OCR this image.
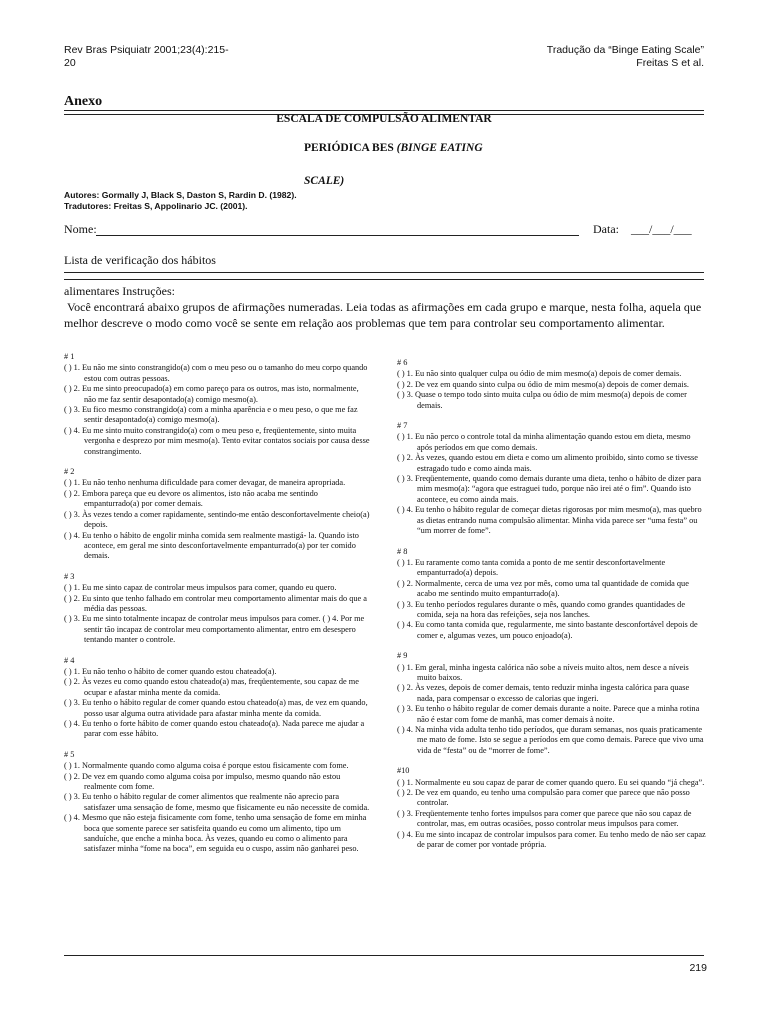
Rev Bras Psiquiatr 2001;23(4):215-
20
Tradução da “Binge Eating Scale”
Freitas S et al.
Anexo
ESCALA DE COMPULSÃO ALIMENTAR
PERIÓDICA BES (BINGE EATING
SCALE)
Autores: Gormally J, Black S, Daston S, Rardin D. (1982).
Tradutores: Freitas S, Appolinario JC. (2001).
Nome:	Data: ___/___/___
Lista de verificação dos hábitos
alimentares Instruções:
Você encontrará abaixo grupos de afirmações numeradas. Leia todas as afirmações em cada grupo e marque, nesta folha, aquela que melhor descreve o modo como você se sente em relação aos problemas que tem para controlar seu comportamento alimentar.
# 1

( ) 1. Eu não me sinto constrangido(a) com o meu peso ou o tamanho do meu corpo quando estou com outras pessoas.

( ) 2. Eu me sinto preocupado(a) em como pareço para os outros, mas isto, normalmente, não me faz sentir desapontado(a) comigo mesmo(a).

( ) 3. Eu fico mesmo constrangido(a) com a minha aparência e o meu peso, o que me faz sentir desapontado(a) comigo mesmo(a).

( ) 4. Eu me sinto muito constrangido(a) com o meu peso e, freqüentemente, sinto muita vergonha e desprezo por mim mesmo(a). Tento evitar contatos sociais por causa desse constrangimento.

# 2

( ) 1. Eu não tenho nenhuma dificuldade para comer devagar, de maneira apropriada.

( ) 2. Embora pareça que eu devore os alimentos, isto não acaba me sentindo empanturrado(a) por comer demais.

( ) 3. Às vezes tendo a comer rapidamente, sentindo-me então desconfortavelmente cheio(a) depois.

( ) 4. Eu tenho o hábito de engolir minha comida sem realmente mastigá- la. Quando isto acontece, em geral me sinto desconfortavelmente empanturrado(a) por ter comido demais.

# 3

( ) 1. Eu me sinto capaz de controlar meus impulsos para comer, quando eu quero.

( ) 2. Eu sinto que tenho falhado em controlar meu comportamento alimentar mais do que a média das pessoas.

( ) 3. Eu me sinto totalmente incapaz de controlar meus impulsos para comer. ( ) 4. Por me sentir tão incapaz de controlar meu comportamento alimentar, entro em desespero tentando manter o controle.

# 4

( ) 1. Eu não tenho o hábito de comer quando estou chateado(a).

( ) 2. Às vezes eu como quando estou chateado(a) mas, freqüentemente, sou capaz de me ocupar e afastar minha mente da comida.

( ) 3. Eu tenho o hábito regular de comer quando estou chateado(a) mas, de vez em quando, posso usar alguma outra atividade para afastar minha mente da comida.

( ) 4. Eu tenho o forte hábito de comer quando estou chateado(a). Nada parece me ajudar a parar com esse hábito.

# 5

( ) 1. Normalmente quando como alguma coisa é porque estou fisicamente com fome.

( ) 2. De vez em quando como alguma coisa por impulso, mesmo quando não estou realmente com fome.

( ) 3. Eu tenho o hábito regular de comer alimentos que realmente não aprecio para satisfazer uma sensação de fome, mesmo que fisicamente eu não necessite de comida.

( ) 4. Mesmo que não esteja fisicamente com fome, tenho uma sensação de fome em minha boca que somente parece ser satisfeita quando eu como um alimento, tipo um sanduíche, que enche a minha boca. Às vezes, quando eu como o alimento para satisfazer minha “fome na boca”, em seguida eu o cuspo, assim não ganharei peso.

# 6

( ) 1. Eu não sinto qualquer culpa ou ódio de mim mesmo(a) depois de comer demais.

( ) 2. De vez em quando sinto culpa ou ódio de mim mesmo(a) depois de comer demais.

( ) 3. Quase o tempo todo sinto muita culpa ou ódio de mim mesmo(a) depois de comer demais.

# 7

( ) 1. Eu não perco o controle total da minha alimentação quando estou em dieta, mesmo após períodos em que como demais.

( ) 2. Às vezes, quando estou em dieta e como um alimento proibido, sinto como se tivesse estragado tudo e como ainda mais.

( ) 3. Freqüentemente, quando como demais durante uma dieta, tenho o hábito de dizer para mim mesmo(a): “agora que estraguei tudo, porque não irei até o fim”. Quando isto acontece, eu como ainda mais.

( ) 4. Eu tenho o hábito regular de começar dietas rigorosas por mim mesmo(a), mas quebro as dietas entrando numa compulsão alimentar. Minha vida parece ser “uma festa” ou “um morrer de fome”.

# 8

( ) 1. Eu raramente como tanta comida a ponto de me sentir desconfortavelmente empanturrado(a) depois.

( ) 2. Normalmente, cerca de uma vez por mês, como uma tal quantidade de comida que acabo me sentindo muito empanturrado(a).

( ) 3. Eu tenho períodos regulares durante o mês, quando como grandes quantidades de comida, seja na hora das refeições, seja nos lanches.

( ) 4. Eu como tanta comida que, regularmente, me sinto bastante desconfortável depois de comer e, algumas vezes, um pouco enjoado(a).

# 9

( ) 1. Em geral, minha ingesta calórica não sobe a níveis muito altos, nem desce a níveis muito baixos.

( ) 2. Às vezes, depois de comer demais, tento reduzir minha ingesta calórica para quase nada, para compensar o excesso de calorias que ingeri.

( ) 3. Eu tenho o hábito regular de comer demais durante a noite. Parece que a minha rotina não é estar com fome de manhã, mas comer demais à noite.

( ) 4. Na minha vida adulta tenho tido períodos, que duram semanas, nos quais praticamente me mato de fome. Isto se segue a períodos em que como demais. Parece que vivo uma vida de “festa” ou de “morrer de fome”.

#10

( ) 1. Normalmente eu sou capaz de parar de comer quando quero. Eu sei quando “já chega”.

( ) 2. De vez em quando, eu tenho uma compulsão para comer que parece que não posso controlar.

( ) 3. Freqüentemente tenho fortes impulsos para comer que parece que não sou capaz de controlar, mas, em outras ocasiões, posso controlar meus impulsos para comer.

( ) 4. Eu me sinto incapaz de controlar impulsos para comer. Eu tenho medo de não ser capaz de parar de comer por vontade própria.

219
